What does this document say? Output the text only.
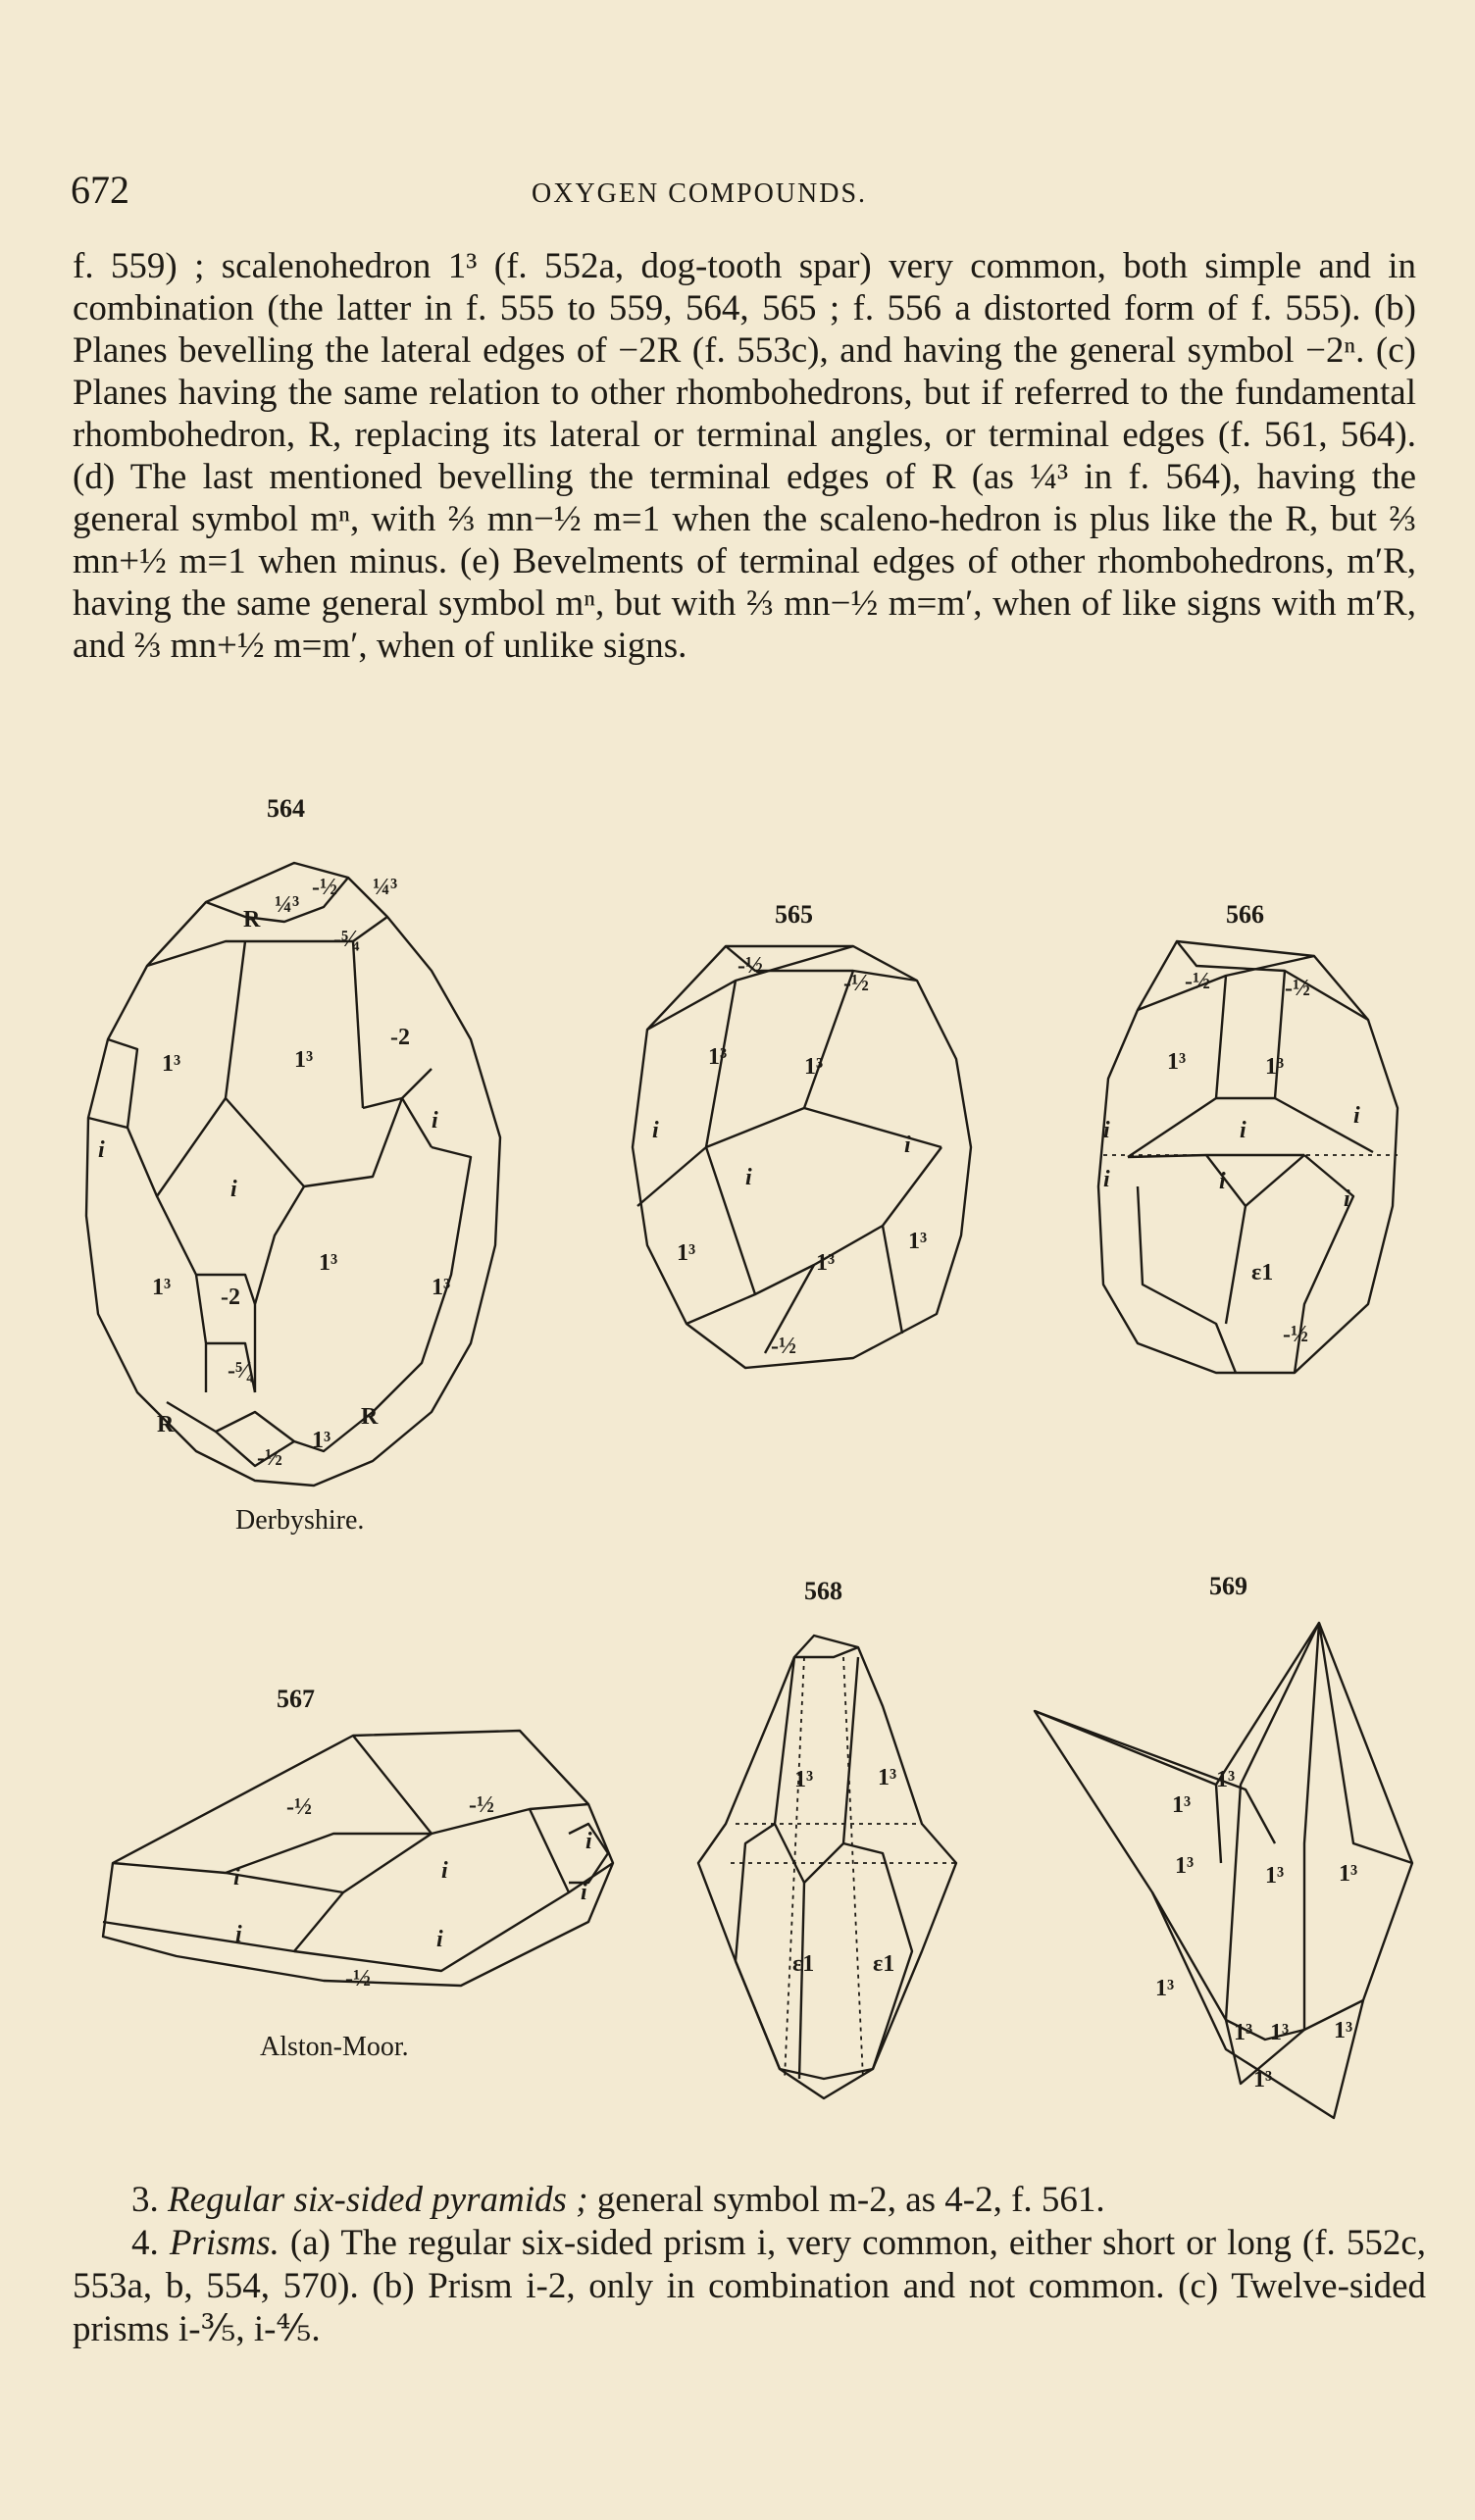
672	OXYGEN COMPOUNDS.

f. 559) ; scalenohedron 1³ (f. 552a, dog-tooth spar) very common, both simple and in combination (the latter in f. 555 to 559, 564, 565 ; f. 556 a distorted form of f. 555). (b) Planes bevelling the lateral edges of −2R (f. 553c), and having the general symbol −2ⁿ. (c) Planes having the same relation to other rhombohedrons, but if referred to the fundamental rhombohedron, R, replacing its lateral or terminal angles, or terminal edges (f. 561, 564). (d) The last mentioned bevelling the terminal edges of R (as ¼³ in f. 564), having the general symbol mⁿ, with ⅔ mn−½ m=1 when the scaleno-hedron is plus like the R, but ⅔ mn+½ m=1 when minus. (e) Bevelments of terminal edges of other rhombohedrons, m′R, having the same general symbol mⁿ, but with ⅔ mn−½ m=m′, when of like signs with m′R, and ⅔ mn+½ m=m′, when of unlike signs.

564
565	566
Derbyshire.
568	569
567
Alston-Moor.
-½
¼³
¼³
R
-⁵⁄₄
-2
1³	1³
i
i
i
1³
1³	1³
-2
-⁵⁄₄
R	R
-½
1³
-½
-½
1³	1³
i
i
i
1³	1³
1³
-½
-½	-½
1³	1³
i	i
i
i	i
i
ε1
-½
-½	-½
i	i
i	i
i
i
-½
1³	1³
ε1 ε1
1³
1³
1³	1³ 1³
1³
1³ 1³ 1³
1³

3. Regular six-sided pyramids ; general symbol m-2, as 4-2, f. 561.

4. Prisms. (a) The regular six-sided prism i, very common, either short or long (f. 552c, 553a, b, 554, 570). (b) Prism i-2, only in combination and not common. (c) Twelve-sided prisms i-⅗, i-⅘.
